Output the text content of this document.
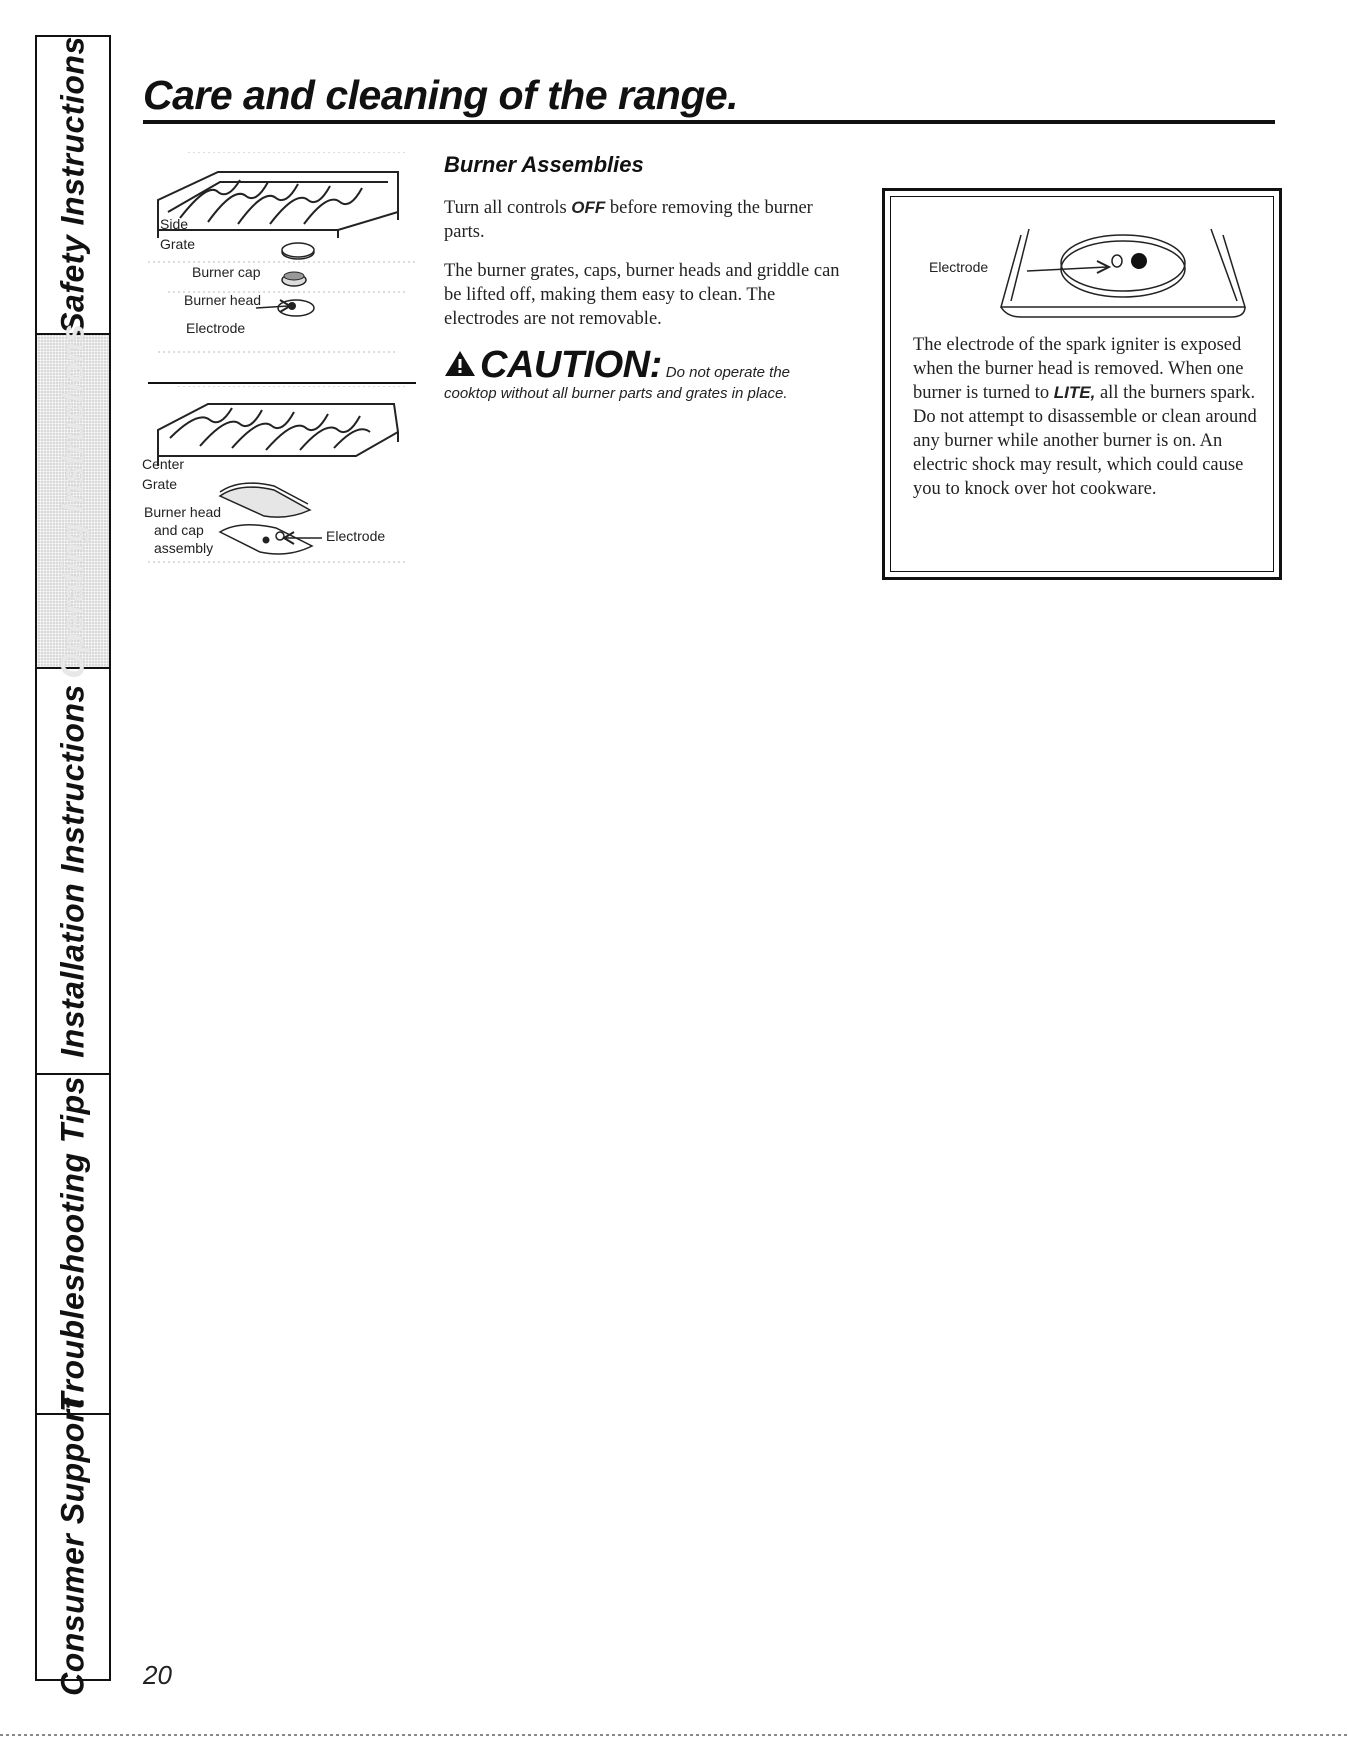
Safety Instructions
Operating Instructions
Installation Instructions
Troubleshooting Tips
Consumer Support
Care and cleaning of the range.
Side
Grate
Burner cap
Burner head
Electrode
Center
Grate
Burner head
and cap
assembly
Electrode
Burner Assemblies

Turn all controls OFF before removing the burner parts.

The burner grates, caps, burner heads and griddle can be lifted off, making them easy to clean. The electrodes are not removable.

CAUTION: Do not operate the
cooktop without all burner parts and grates in place.
Electrode

The electrode of the spark igniter is exposed when the burner head is removed. When one burner is turned to LITE, all the burners spark. Do not attempt to disassemble or clean around any burner while another burner is on. An electric shock may result, which could cause you to knock over hot cookware.

20
